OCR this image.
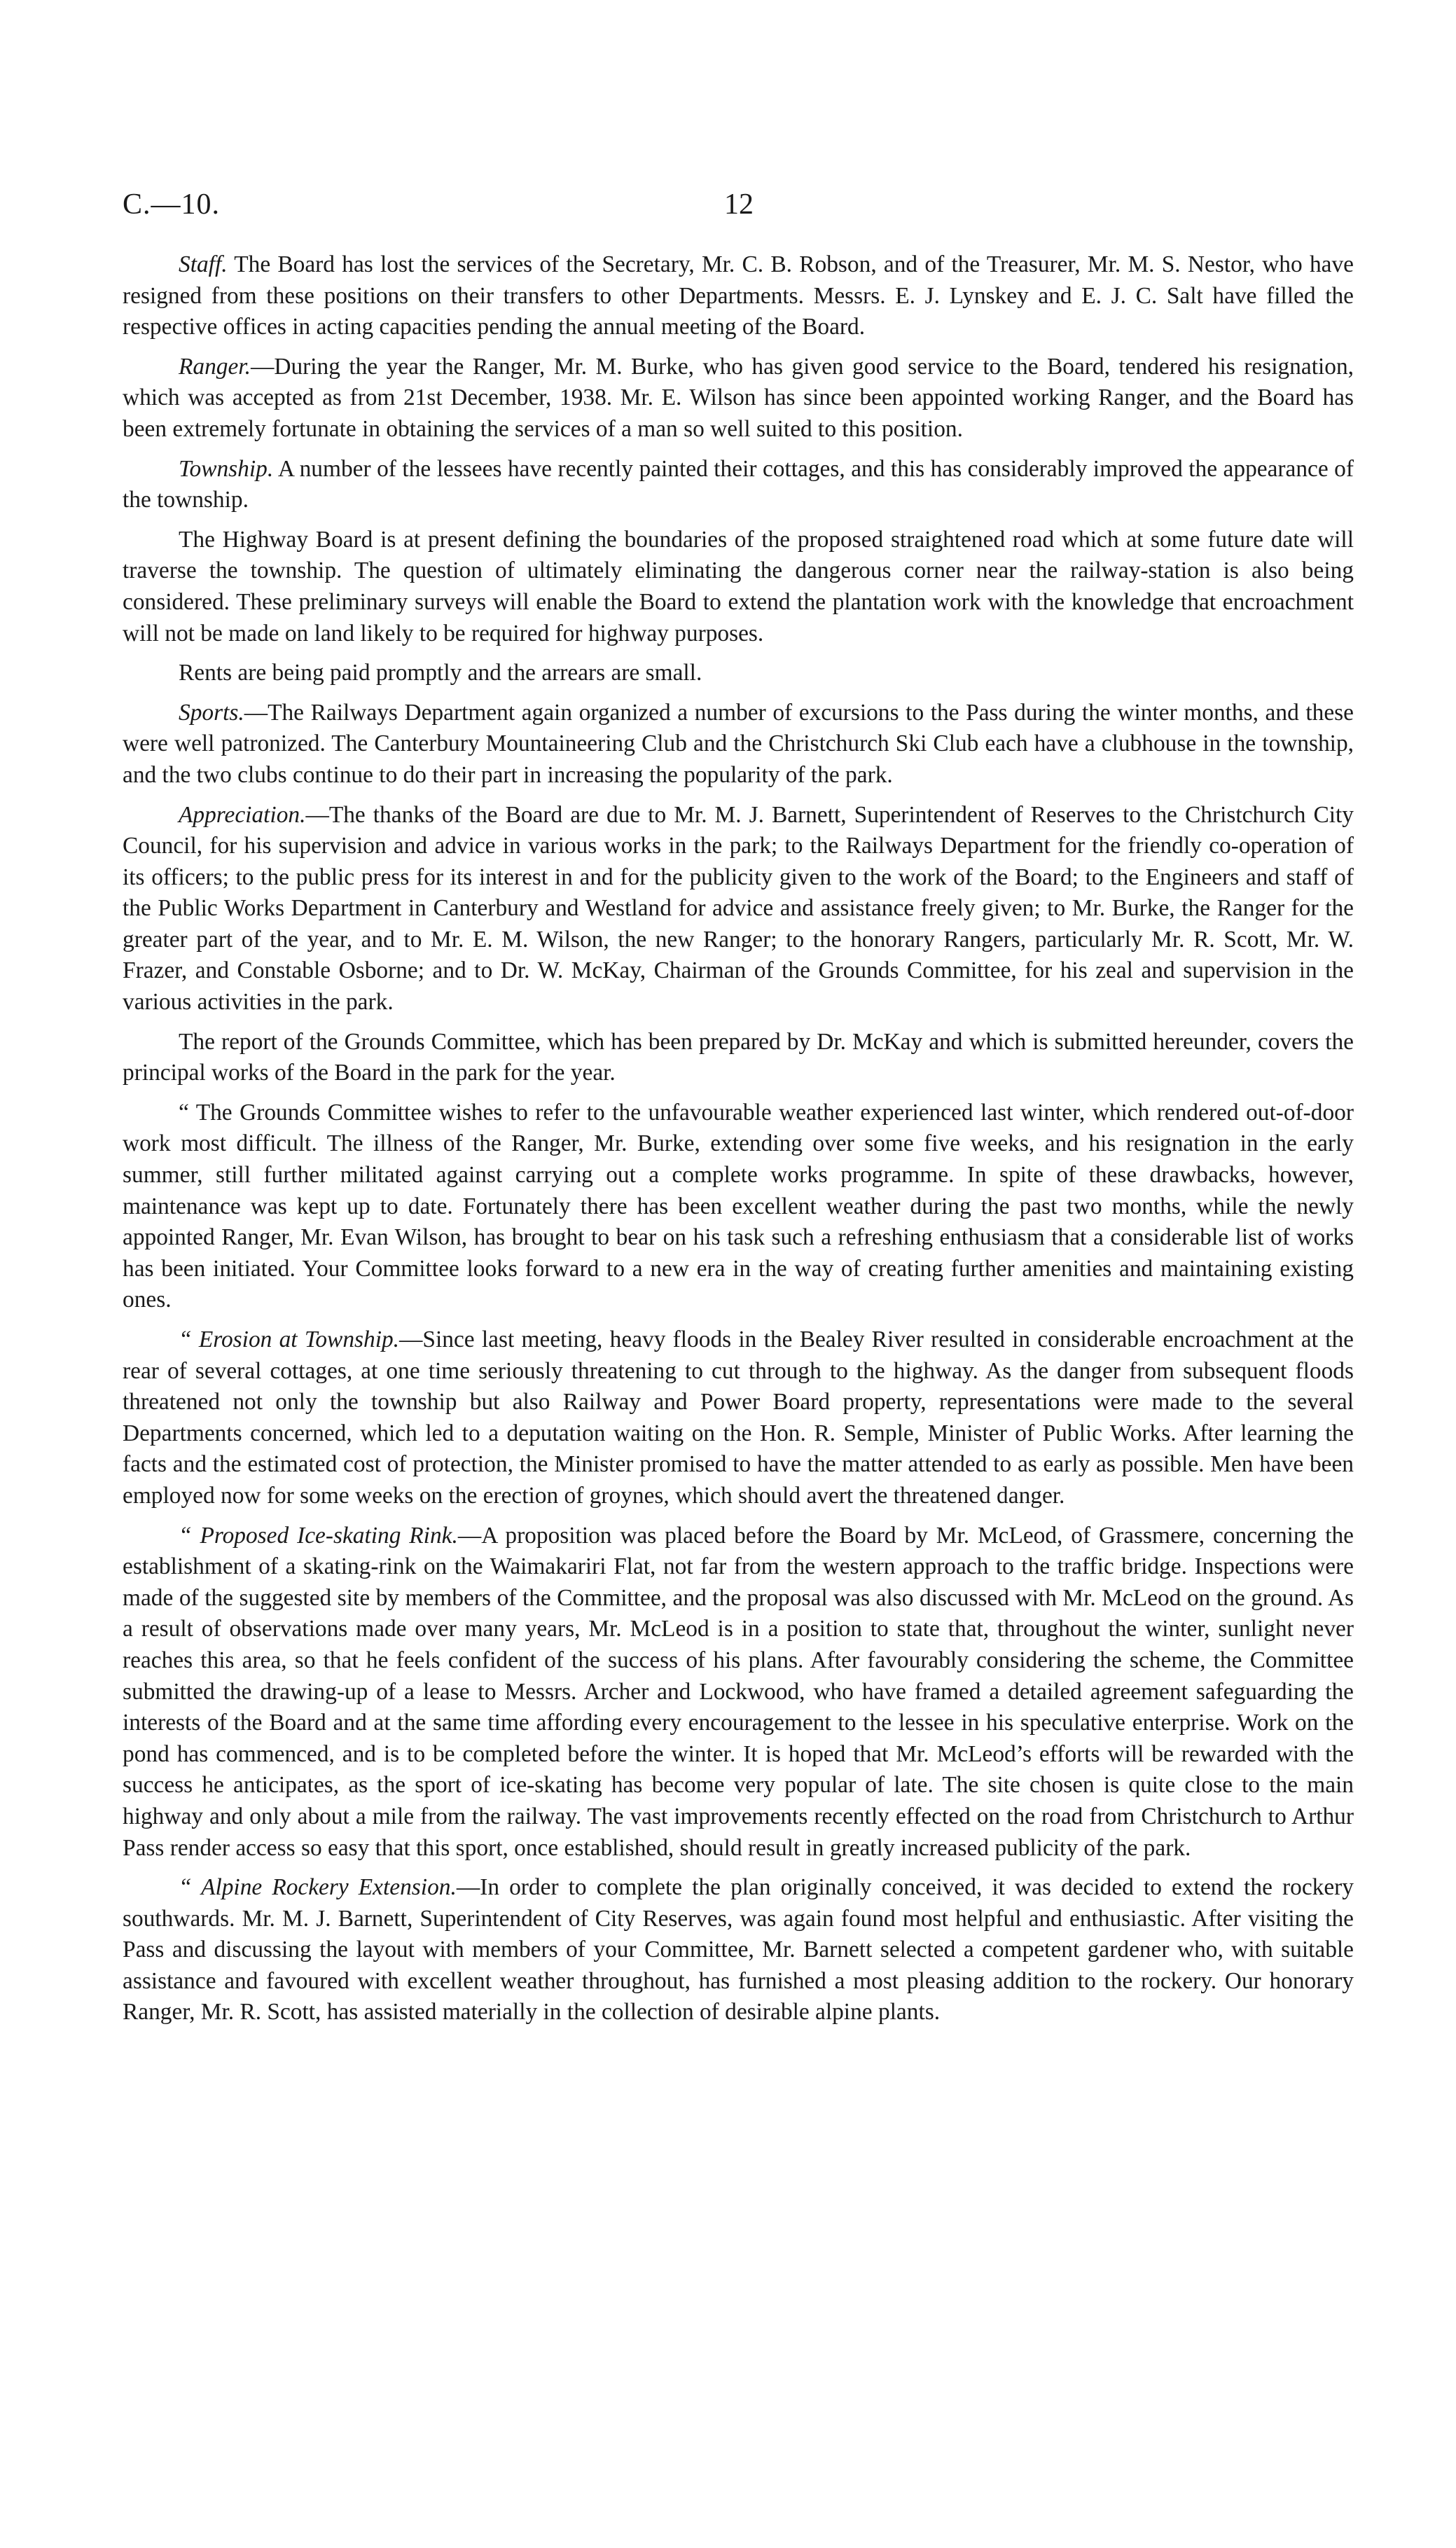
C.—10.	12

Staff. The Board has lost the services of the Secretary, Mr. C. B. Robson, and of the Treasurer, Mr. M. S. Nestor, who have resigned from these positions on their transfers to other Departments. Messrs. E. J. Lynskey and E. J. C. Salt have filled the respective offices in acting capacities pending the annual meeting of the Board.

Ranger.—During the year the Ranger, Mr. M. Burke, who has given good service to the Board, tendered his resignation, which was accepted as from 21st December, 1938. Mr. E. Wilson has since been appointed working Ranger, and the Board has been extremely fortunate in obtaining the services of a man so well suited to this position.

Township. A number of the lessees have recently painted their cottages, and this has considerably improved the appearance of the township.

The Highway Board is at present defining the boundaries of the proposed straightened road which at some future date will traverse the township. The question of ultimately eliminating the dangerous corner near the railway-station is also being considered. These preliminary surveys will enable the Board to extend the plantation work with the knowledge that encroachment will not be made on land likely to be required for highway purposes.

Rents are being paid promptly and the arrears are small.

Sports.—The Railways Department again organized a number of excursions to the Pass during the winter months, and these were well patronized. The Canterbury Mountaineering Club and the Christchurch Ski Club each have a clubhouse in the township, and the two clubs continue to do their part in increasing the popularity of the park.

Appreciation.—The thanks of the Board are due to Mr. M. J. Barnett, Superintendent of Reserves to the Christchurch City Council, for his supervision and advice in various works in the park; to the Railways Department for the friendly co-operation of its officers; to the public press for its interest in and for the publicity given to the work of the Board; to the Engineers and staff of the Public Works Department in Canterbury and Westland for advice and assistance freely given; to Mr. Burke, the Ranger for the greater part of the year, and to Mr. E. M. Wilson, the new Ranger; to the honorary Rangers, particularly Mr. R. Scott, Mr. W. Frazer, and Constable Osborne; and to Dr. W. McKay, Chairman of the Grounds Committee, for his zeal and supervision in the various activities in the park.

The report of the Grounds Committee, which has been prepared by Dr. McKay and which is submitted hereunder, covers the principal works of the Board in the park for the year.

“ The Grounds Committee wishes to refer to the unfavourable weather experienced last winter, which rendered out-of-door work most difficult. The illness of the Ranger, Mr. Burke, extending over some five weeks, and his resignation in the early summer, still further militated against carrying out a complete works programme. In spite of these drawbacks, however, maintenance was kept up to date. Fortunately there has been excellent weather during the past two months, while the newly appointed Ranger, Mr. Evan Wilson, has brought to bear on his task such a refreshing enthusiasm that a considerable list of works has been initiated. Your Committee looks forward to a new era in the way of creating further amenities and maintaining existing ones.

“ Erosion at Township.—Since last meeting, heavy floods in the Bealey River resulted in considerable encroachment at the rear of several cottages, at one time seriously threatening to cut through to the highway. As the danger from subsequent floods threatened not only the township but also Railway and Power Board property, representations were made to the several Departments concerned, which led to a deputation waiting on the Hon. R. Semple, Minister of Public Works. After learning the facts and the estimated cost of protection, the Minister promised to have the matter attended to as early as possible. Men have been employed now for some weeks on the erection of groynes, which should avert the threatened danger.

“ Proposed Ice-skating Rink.—A proposition was placed before the Board by Mr. McLeod, of Grassmere, concerning the establishment of a skating-rink on the Waimakariri Flat, not far from the western approach to the traffic bridge. Inspections were made of the suggested site by members of the Committee, and the proposal was also discussed with Mr. McLeod on the ground. As a result of observations made over many years, Mr. McLeod is in a position to state that, throughout the winter, sunlight never reaches this area, so that he feels confident of the success of his plans. After favourably considering the scheme, the Committee submitted the drawing-up of a lease to Messrs. Archer and Lockwood, who have framed a detailed agreement safeguarding the interests of the Board and at the same time affording every encouragement to the lessee in his speculative enterprise. Work on the pond has commenced, and is to be completed before the winter. It is hoped that Mr. McLeod’s efforts will be rewarded with the success he anticipates, as the sport of ice-skating has become very popular of late. The site chosen is quite close to the main highway and only about a mile from the railway. The vast improvements recently effected on the road from Christchurch to Arthur Pass render access so easy that this sport, once established, should result in greatly increased publicity of the park.

“ Alpine Rockery Extension.—In order to complete the plan originally conceived, it was decided to extend the rockery southwards. Mr. M. J. Barnett, Superintendent of City Reserves, was again found most helpful and enthusiastic. After visiting the Pass and discussing the layout with members of your Committee, Mr. Barnett selected a competent gardener who, with suitable assistance and favoured with excellent weather throughout, has furnished a most pleasing addition to the rockery. Our honorary Ranger, Mr. R. Scott, has assisted materially in the collection of desirable alpine plants.
